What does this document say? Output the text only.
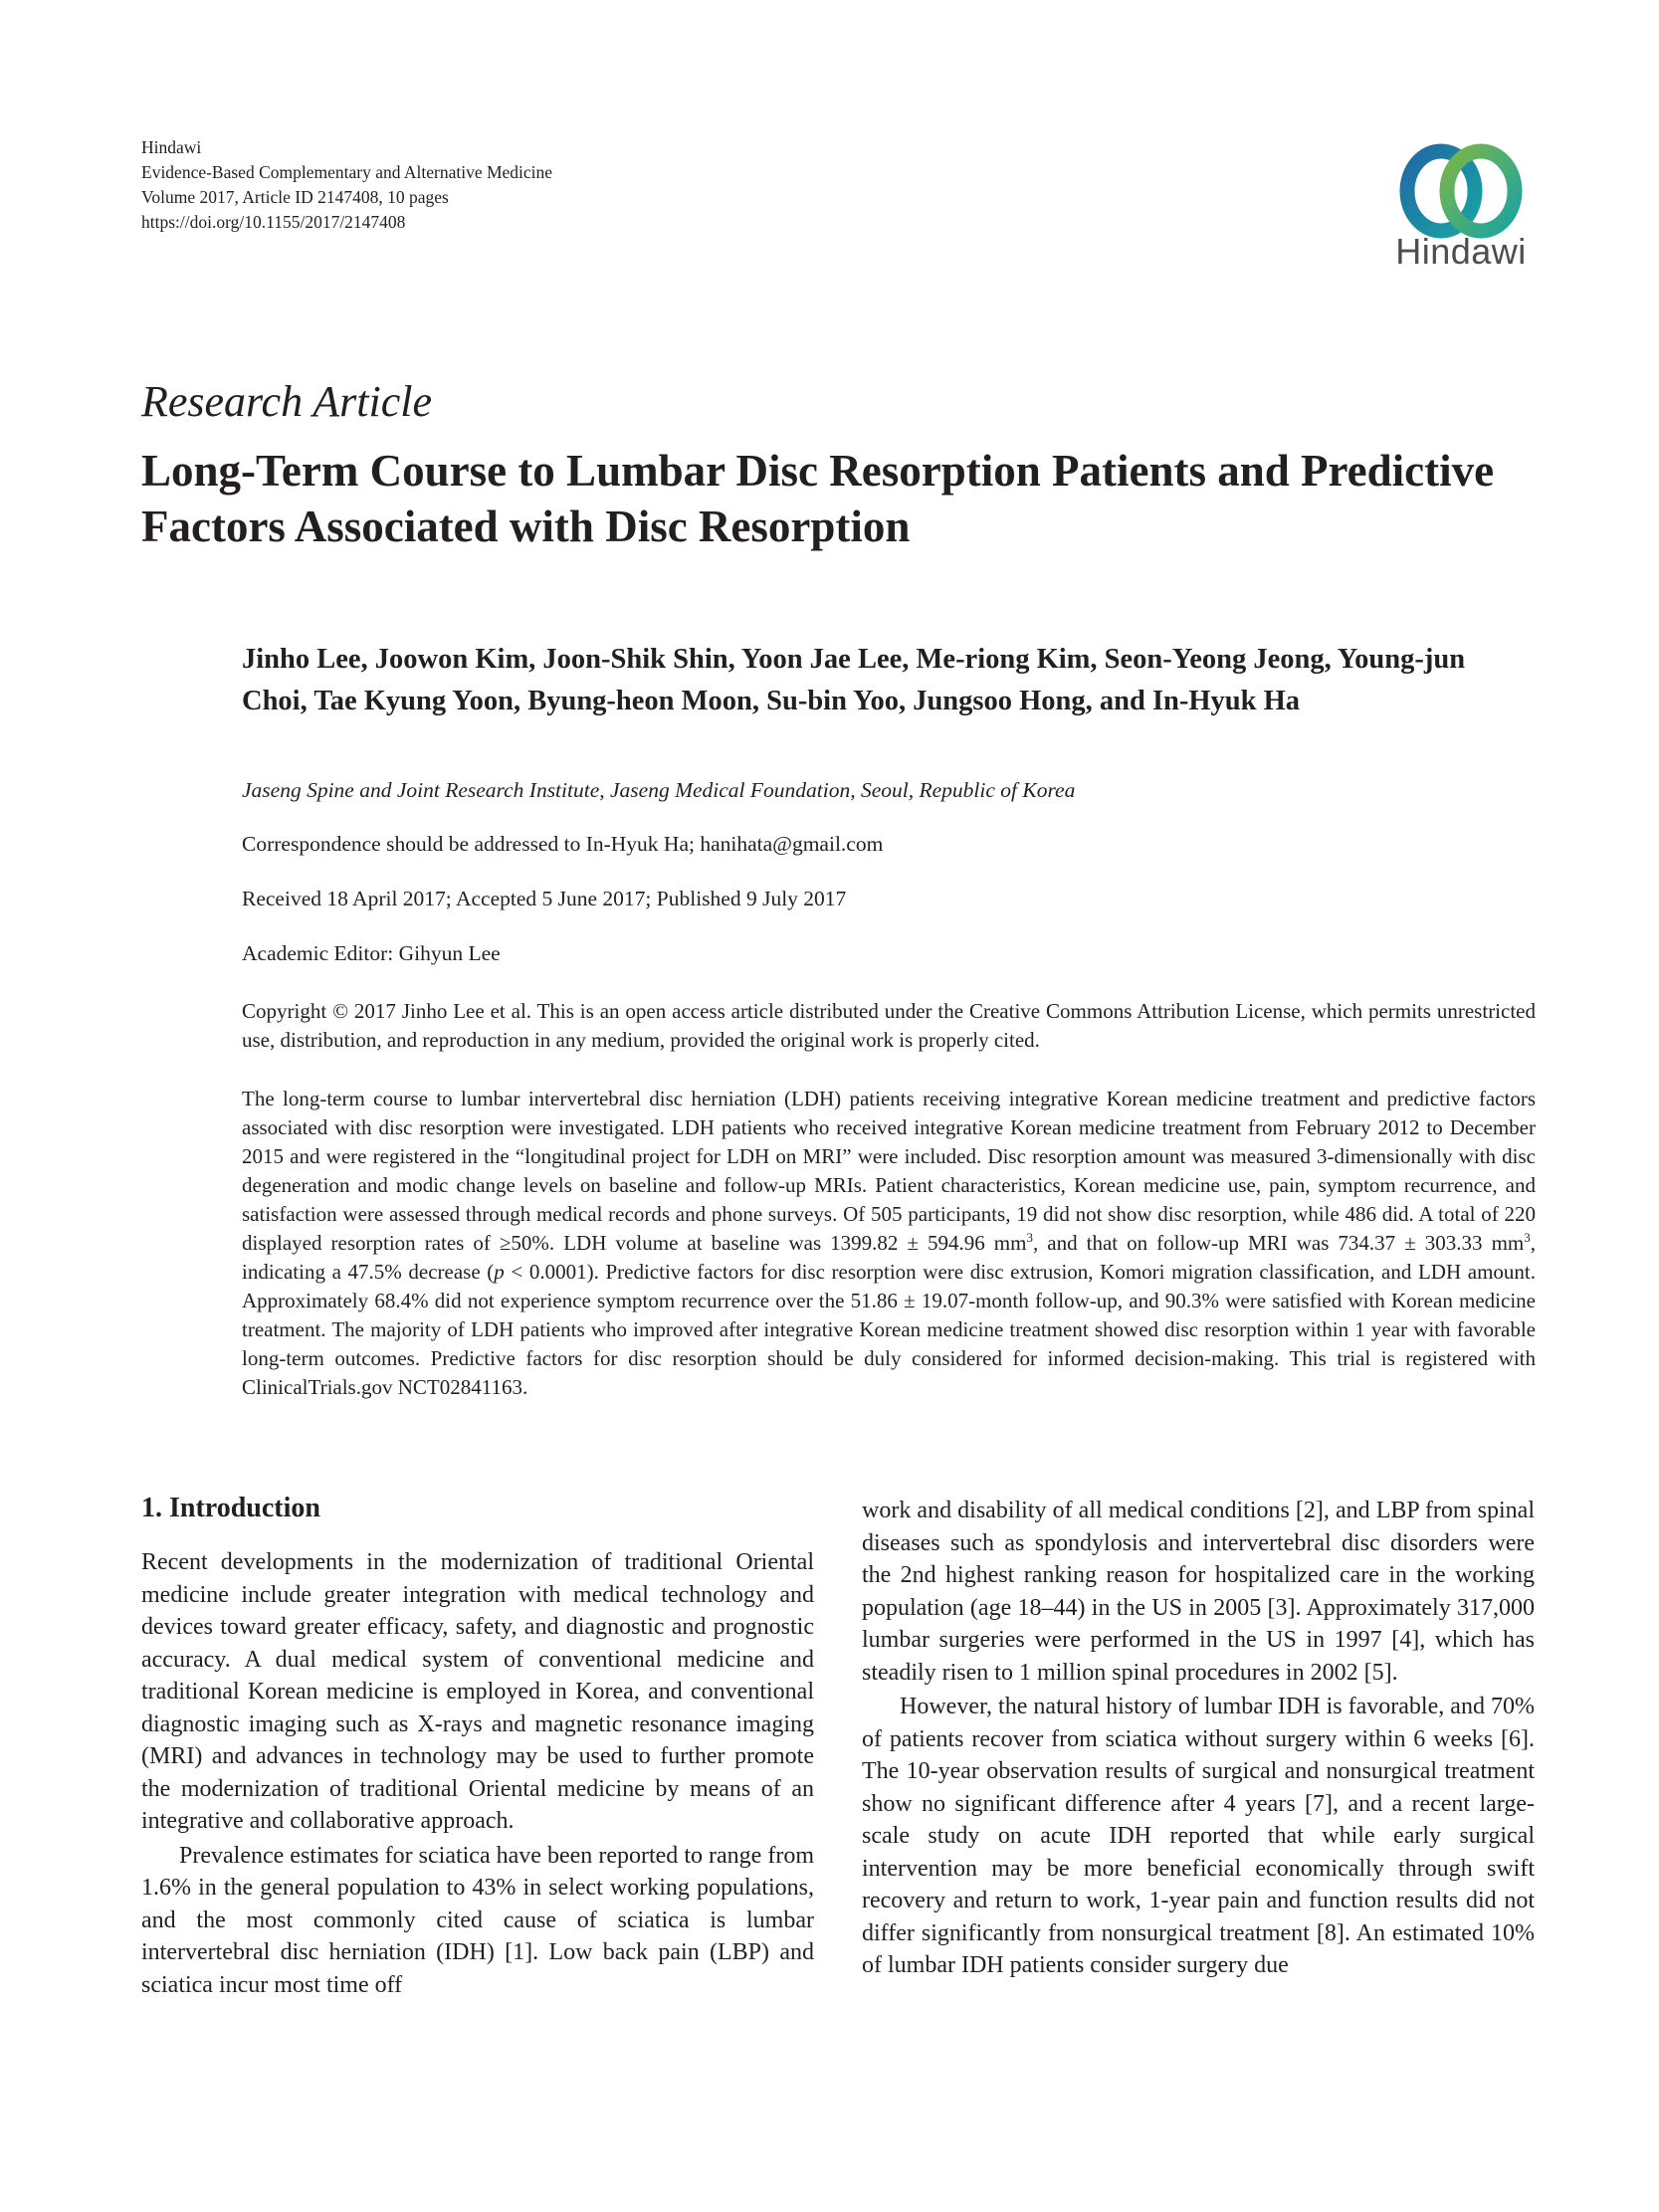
Hindawi
Evidence-Based Complementary and Alternative Medicine
Volume 2017, Article ID 2147408, 10 pages
https://doi.org/10.1155/2017/2147408
Hindawi
Research Article
Long-Term Course to Lumbar Disc Resorption Patients and Predictive Factors Associated with Disc Resorption
Jinho Lee, Joowon Kim, Joon-Shik Shin, Yoon Jae Lee, Me-riong Kim, Seon-Yeong Jeong, Young-jun Choi, Tae Kyung Yoon, Byung-heon Moon, Su-bin Yoo, Jungsoo Hong, and In-Hyuk Ha
Jaseng Spine and Joint Research Institute, Jaseng Medical Foundation, Seoul, Republic of Korea
Correspondence should be addressed to In-Hyuk Ha; hanihata@gmail.com
Received 18 April 2017; Accepted 5 June 2017; Published 9 July 2017
Academic Editor: Gihyun Lee
Copyright © 2017 Jinho Lee et al. This is an open access article distributed under the Creative Commons Attribution License, which permits unrestricted use, distribution, and reproduction in any medium, provided the original work is properly cited.

The long-term course to lumbar intervertebral disc herniation (LDH) patients receiving integrative Korean medicine treatment and predictive factors associated with disc resorption were investigated. LDH patients who received integrative Korean medicine treatment from February 2012 to December 2015 and were registered in the “longitudinal project for LDH on MRI” were included. Disc resorption amount was measured 3-dimensionally with disc degeneration and modic change levels on baseline and follow-up MRIs. Patient characteristics, Korean medicine use, pain, symptom recurrence, and satisfaction were assessed through medical records and phone surveys. Of 505 participants, 19 did not show disc resorption, while 486 did. A total of 220 displayed resorption rates of ≥50%. LDH volume at baseline was 1399.82 ± 594.96 $mm^3$, and that on follow-up MRI was 734.37 ± 303.33 $mm^3$, indicating a 47.5% decrease (p < 0.0001). Predictive factors for disc resorption were disc extrusion, Komori migration classification, and LDH amount. Approximately 68.4% did not experience symptom recurrence over the 51.86 ± 19.07-month follow-up, and 90.3% were satisfied with Korean medicine treatment. The majority of LDH patients who improved after integrative Korean medicine treatment showed disc resorption within 1 year with favorable long-term outcomes. Predictive factors for disc resorption should be duly considered for informed decision-making. This trial is registered with ClinicalTrials.gov NCT02841163.

1. Introduction

Recent developments in the modernization of traditional Oriental medicine include greater integration with medical technology and devices toward greater efficacy, safety, and diagnostic and prognostic accuracy. A dual medical system of conventional medicine and traditional Korean medicine is employed in Korea, and conventional diagnostic imaging such as X-rays and magnetic resonance imaging (MRI) and advances in technology may be used to further promote the modernization of traditional Oriental medicine by means of an integrative and collaborative approach.

Prevalence estimates for sciatica have been reported to range from 1.6% in the general population to 43% in select working populations, and the most commonly cited cause of sciatica is lumbar intervertebral disc herniation (IDH) [1]. Low back pain (LBP) and sciatica incur most time off

work and disability of all medical conditions [2], and LBP from spinal diseases such as spondylosis and intervertebral disc disorders were the 2nd highest ranking reason for hospitalized care in the working population (age 18–44) in the US in 2005 [3]. Approximately 317,000 lumbar surgeries were performed in the US in 1997 [4], which has steadily risen to 1 million spinal procedures in 2002 [5].

However, the natural history of lumbar IDH is favorable, and 70% of patients recover from sciatica without surgery within 6 weeks [6]. The 10-year observation results of surgical and nonsurgical treatment show no significant difference after 4 years [7], and a recent large-scale study on acute IDH reported that while early surgical intervention may be more beneficial economically through swift recovery and return to work, 1-year pain and function results did not differ significantly from nonsurgical treatment [8]. An estimated 10% of lumbar IDH patients consider surgery due
